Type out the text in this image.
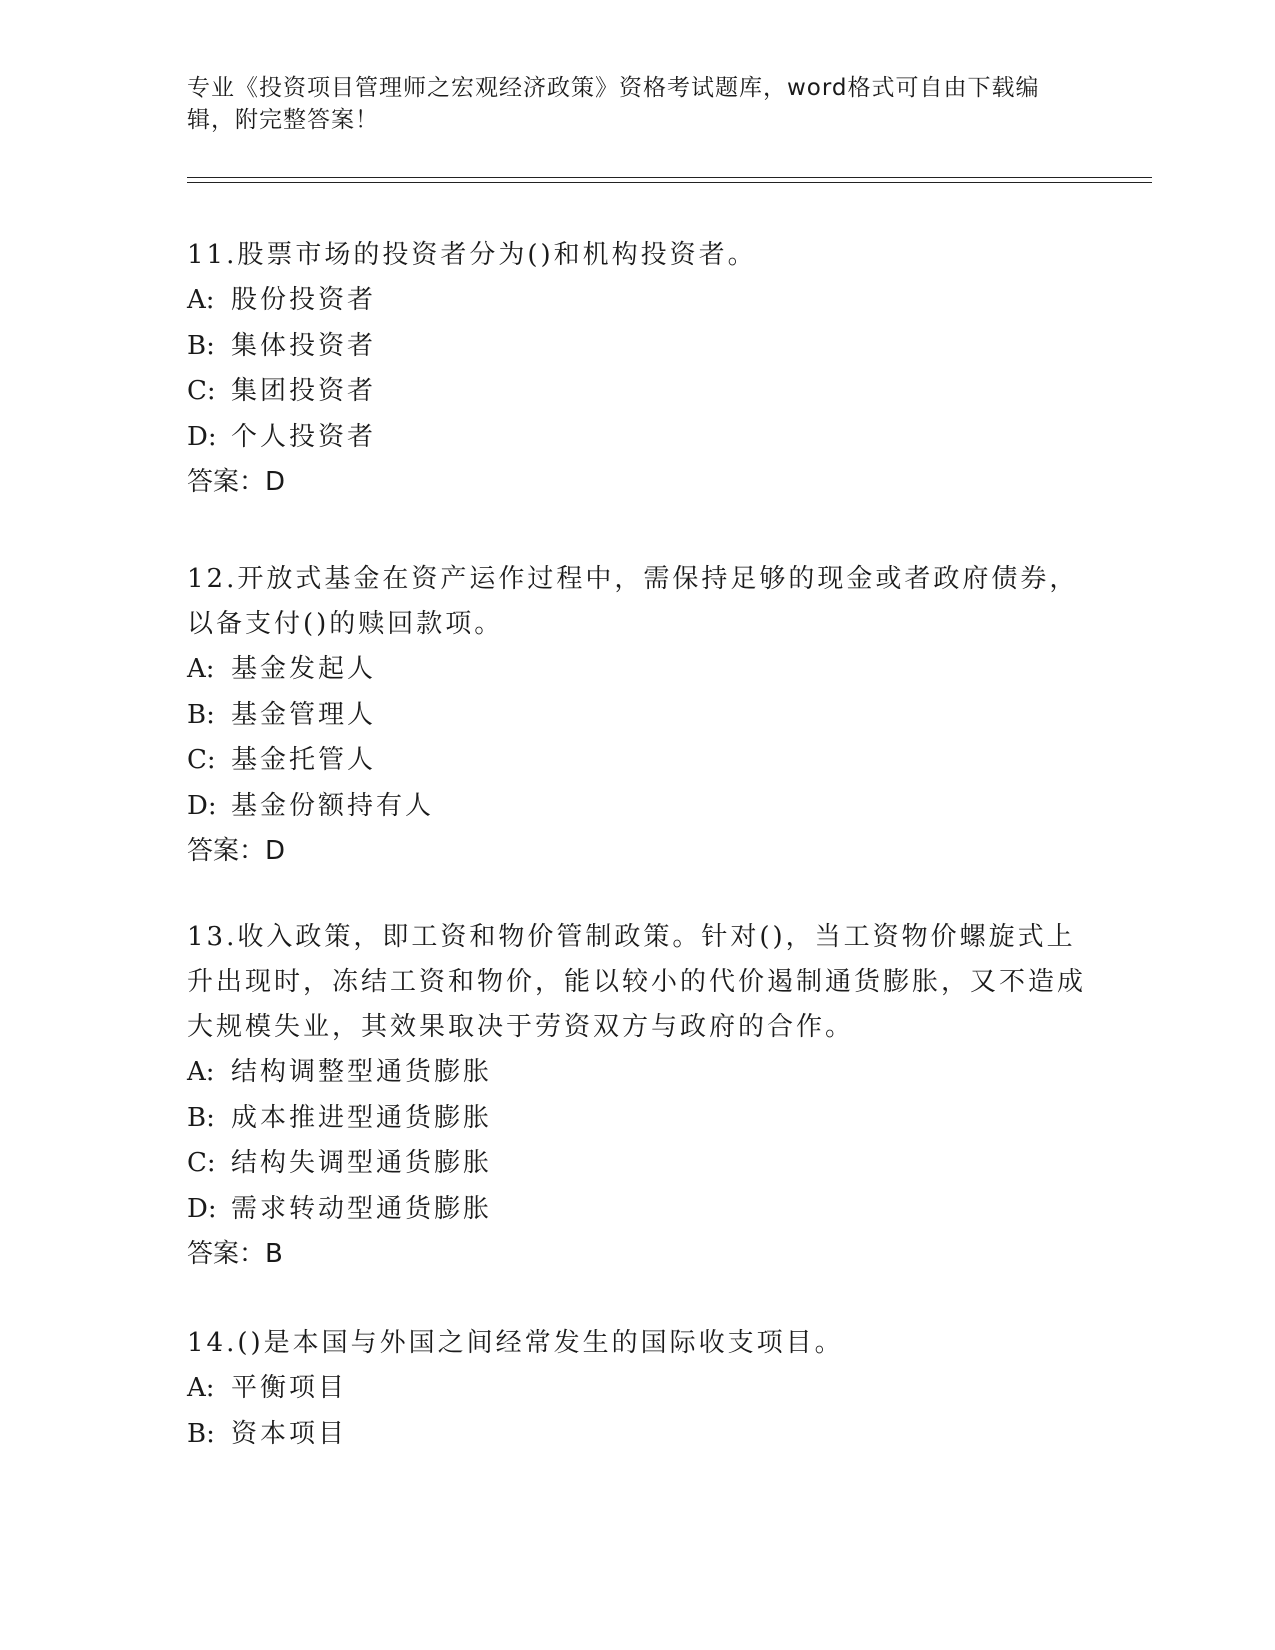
专业《投资项目管理师之宏观经济政策》资格考试题库，word格式可自由下载编辑，附完整答案！
11.股票市场的投资者分为()和机构投资者。
A: 股份投资者
B: 集体投资者
C: 集团投资者
D: 个人投资者
答案：D
12.开放式基金在资产运作过程中，需保持足够的现金或者政府债券，以备支付()的赎回款项。
A: 基金发起人
B: 基金管理人
C: 基金托管人
D: 基金份额持有人
答案：D
13.收入政策，即工资和物价管制政策。针对()，当工资物价螺旋式上升出现时，冻结工资和物价，能以较小的代价遏制通货膨胀，又不造成大规模失业，其效果取决于劳资双方与政府的合作。
A: 结构调整型通货膨胀
B: 成本推进型通货膨胀
C: 结构失调型通货膨胀
D: 需求转动型通货膨胀
答案：B
14.()是本国与外国之间经常发生的国际收支项目。
A: 平衡项目
B: 资本项目
